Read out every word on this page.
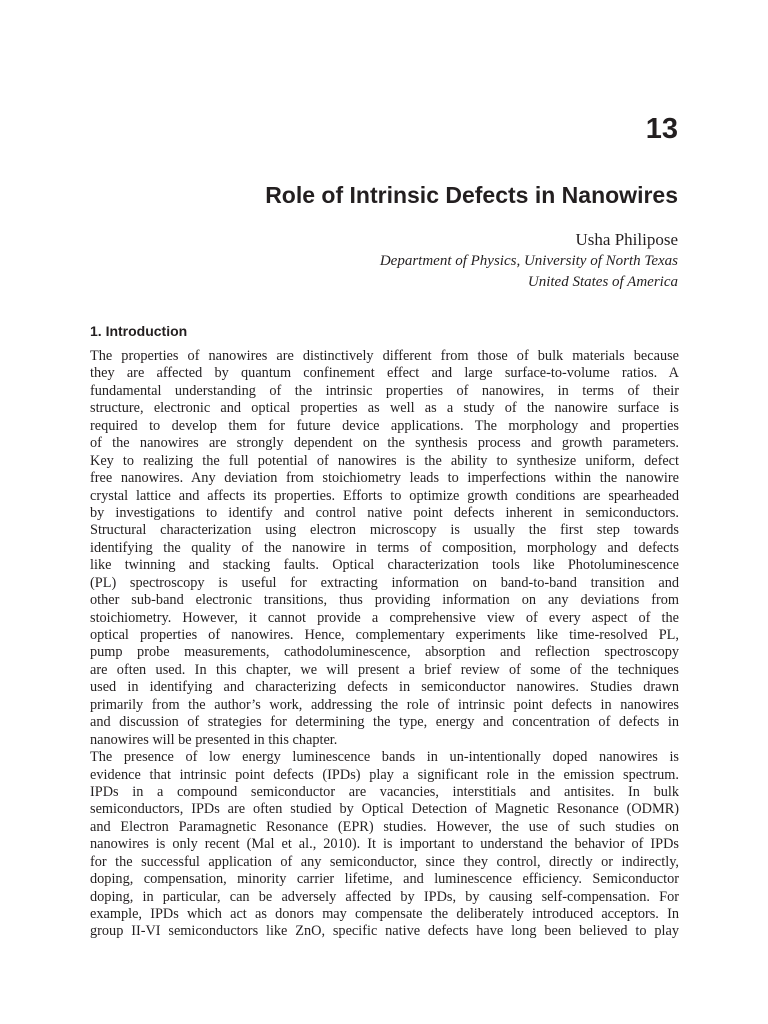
13
Role of Intrinsic Defects in Nanowires
Usha Philipose
Department of Physics, University of North Texas
United States of America
1. Introduction
The properties of nanowires are distinctively different from those of bulk materials because
they are affected by quantum confinement effect and large surface-to-volume ratios. A
fundamental understanding of the intrinsic properties of nanowires, in terms of their
structure, electronic and optical properties as well as a study of the nanowire surface is
required to develop them for future device applications. The morphology and properties
of the nanowires are strongly dependent on the synthesis process and growth parameters.
Key to realizing the full potential of nanowires is the ability to synthesize uniform, defect
free nanowires. Any deviation from stoichiometry leads to imperfections within the nanowire
crystal lattice and affects its properties. Efforts to optimize growth conditions are spearheaded
by investigations to identify and control native point defects inherent in semiconductors.
Structural characterization using electron microscopy is usually the first step towards
identifying the quality of the nanowire in terms of composition, morphology and defects
like twinning and stacking faults. Optical characterization tools like Photoluminescence
(PL) spectroscopy is useful for extracting information on band-to-band transition and
other sub-band electronic transitions, thus providing information on any deviations from
stoichiometry. However, it cannot provide a comprehensive view of every aspect of the
optical properties of nanowires. Hence, complementary experiments like time-resolved PL,
pump probe measurements, cathodoluminescence, absorption and reflection spectroscopy
are often used. In this chapter, we will present a brief review of some of the techniques
used in identifying and characterizing defects in semiconductor nanowires. Studies drawn
primarily from the author’s work, addressing the role of intrinsic point defects in nanowires
and discussion of strategies for determining the type, energy and concentration of defects in
nanowires will be presented in this chapter.
The presence of low energy luminescence bands in un-intentionally doped nanowires is
evidence that intrinsic point defects (IPDs) play a significant role in the emission spectrum.
IPDs in a compound semiconductor are vacancies, interstitials and antisites. In bulk
semiconductors, IPDs are often studied by Optical Detection of Magnetic Resonance (ODMR)
and Electron Paramagnetic Resonance (EPR) studies. However, the use of such studies on
nanowires is only recent (Mal et al., 2010). It is important to understand the behavior of IPDs
for the successful application of any semiconductor, since they control, directly or indirectly,
doping, compensation, minority carrier lifetime, and luminescence efficiency. Semiconductor
doping, in particular, can be adversely affected by IPDs, by causing self-compensation. For
example, IPDs which act as donors may compensate the deliberately introduced acceptors. In
group II-VI semiconductors like ZnO, specific native defects have long been believed to play
